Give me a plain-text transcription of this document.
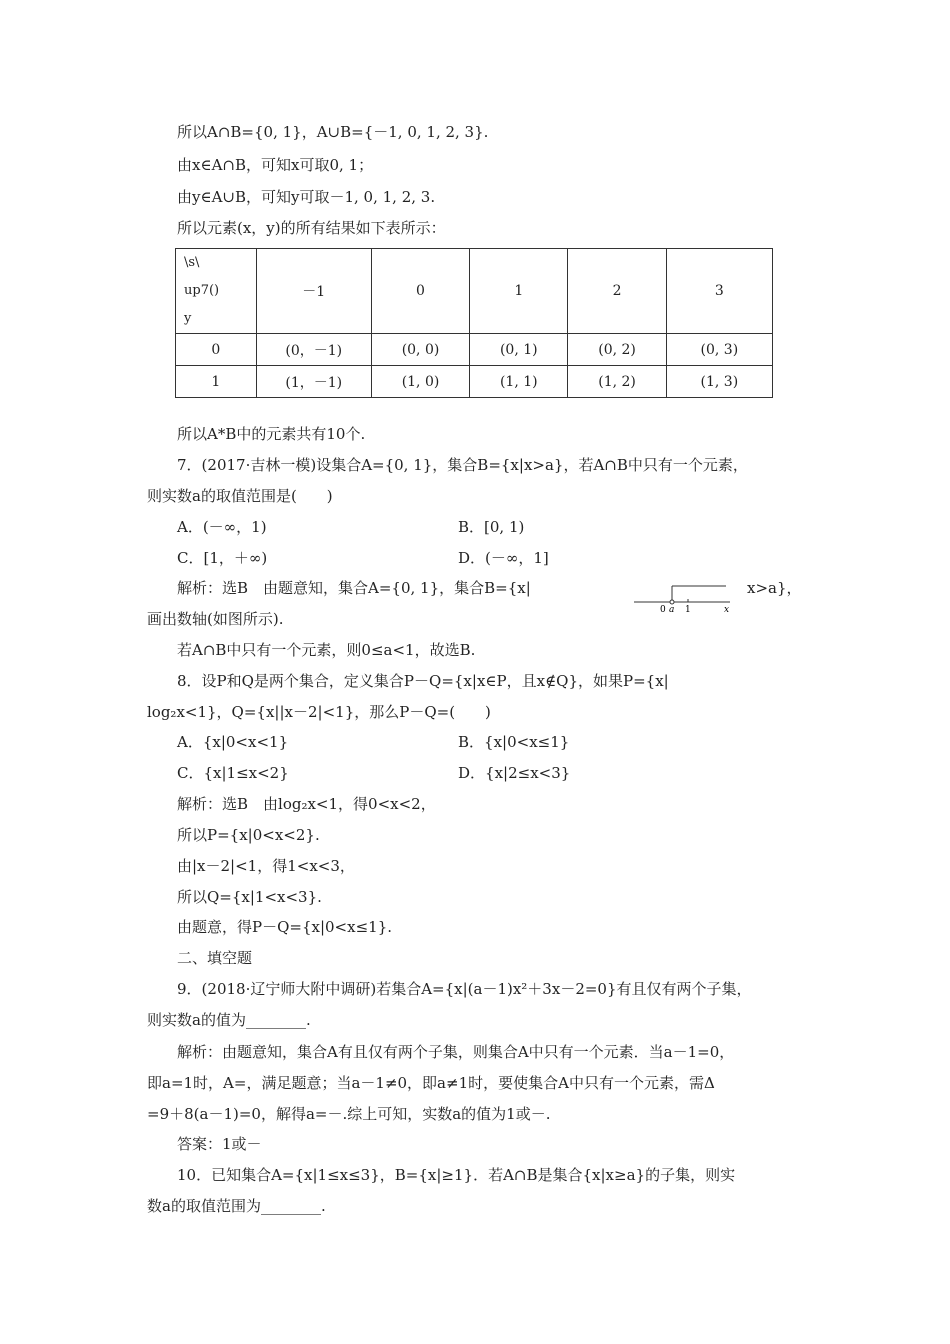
所以A∩B={0, 1}，A∪B={－1, 0, 1, 2, 3}.
由x∈A∩B，可知x可取0, 1；
由y∈A∪B，可知y可取－1, 0, 1, 2, 3.
所以元素(x，y)的所有结果如下表所示：
\s\
up7()
y	－1	0	1	2	3
0	(0，－1)	(0, 0)	(0, 1)	(0, 2)	(0, 3)
1	(1，－1)	(1, 0)	(1, 1)	(1, 2)	(1, 3)
所以A*B中的元素共有10个.
7．(2017·吉林一模)设集合A={0, 1}，集合B={x|x>a}，若A∩B中只有一个元素，
则实数a的取值范围是(　　)
A．(－∞，1)	B．[0, 1)
C．[1，＋∞)	D．(－∞，1]
解析：选B　由题意知，集合A={0, 1}，集合B={x|
0 a 1	x
x>a}，
画出数轴(如图所示).
若A∩B中只有一个元素，则0≤a<1，故选B.
8．设P和Q是两个集合，定义集合P－Q={x|x∈P，且x∉Q}，如果P={x|
log₂x<1}，Q={x||x－2|<1}，那么P－Q=(　　)
A．{x|0<x<1}	B．{x|0<x≤1}
C．{x|1≤x<2}	D．{x|2≤x<3}
解析：选B　由log₂x<1，得0<x<2，
所以P={x|0<x<2}.
由|x－2|<1，得1<x<3，
所以Q={x|1<x<3}.
由题意，得P－Q={x|0<x≤1}.
二、填空题
9．(2018·辽宁师大附中调研)若集合A={x|(a－1)x²＋3x－2=0}有且仅有两个子集，
则实数a的值为________.
解析：由题意知，集合A有且仅有两个子集，则集合A中只有一个元素．当a－1=0，
即a=1时，A=，满足题意；当a－1≠0，即a≠1时，要使集合A中只有一个元素，需Δ
=9＋8(a－1)=0，解得a=－.综上可知，实数a的值为1或－.
答案：1或－
10．已知集合A={x|1≤x≤3}，B={x|≥1}．若A∩B是集合{x|x≥a}的子集，则实
数a的取值范围为________.
